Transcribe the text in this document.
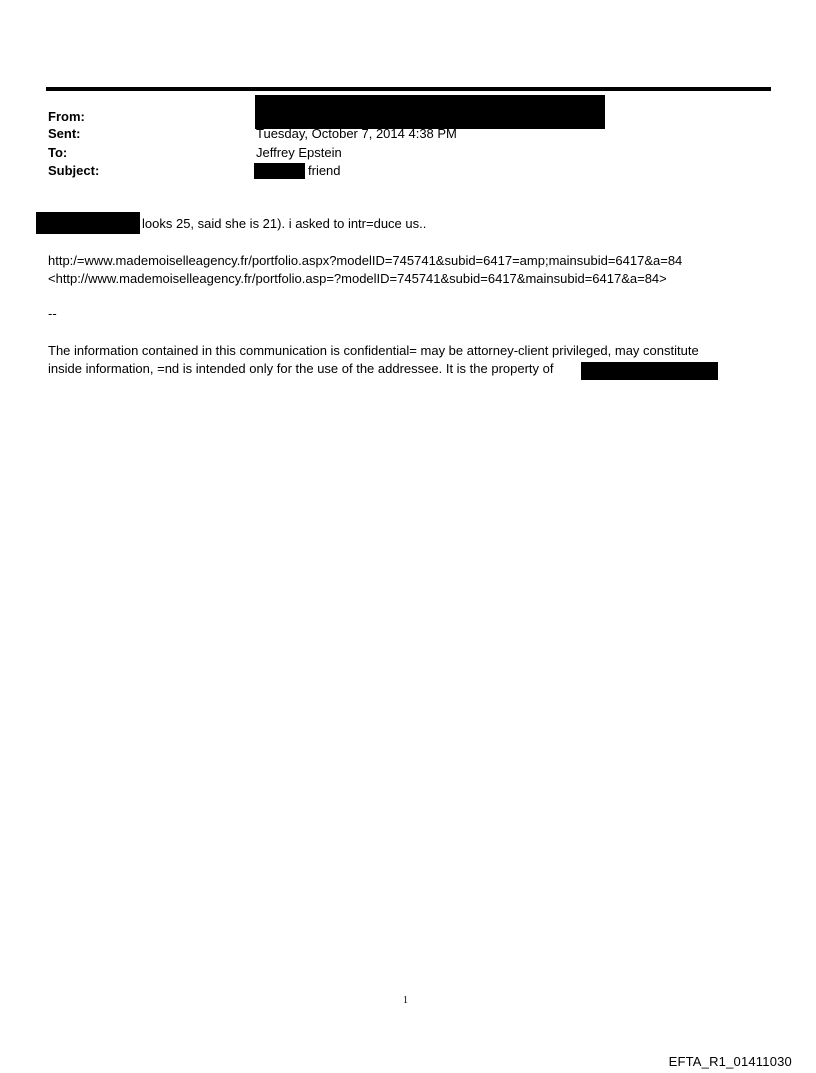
From:
Sent:	Tuesday, October 7, 2014 4:38 PM
To:	Jeffrey Epstein
Subject:	friend
looks 25, said she is 21). i asked to intr=duce us..
http:/=www.mademoiselleagency.fr/portfolio.aspx?modelID=745741&subid=6417=amp;mainsubid=6417&a=84
<http://www.mademoiselleagency.fr/portfolio.asp=?modelID=745741&subid=6417&mainsubid=6417&a=84>
--
The information contained in this communication is confidential= may be attorney-client privileged, may constitute
inside information, =nd is intended only for the use of the addressee. It is the property of
1
EFTA_R1_01411030
